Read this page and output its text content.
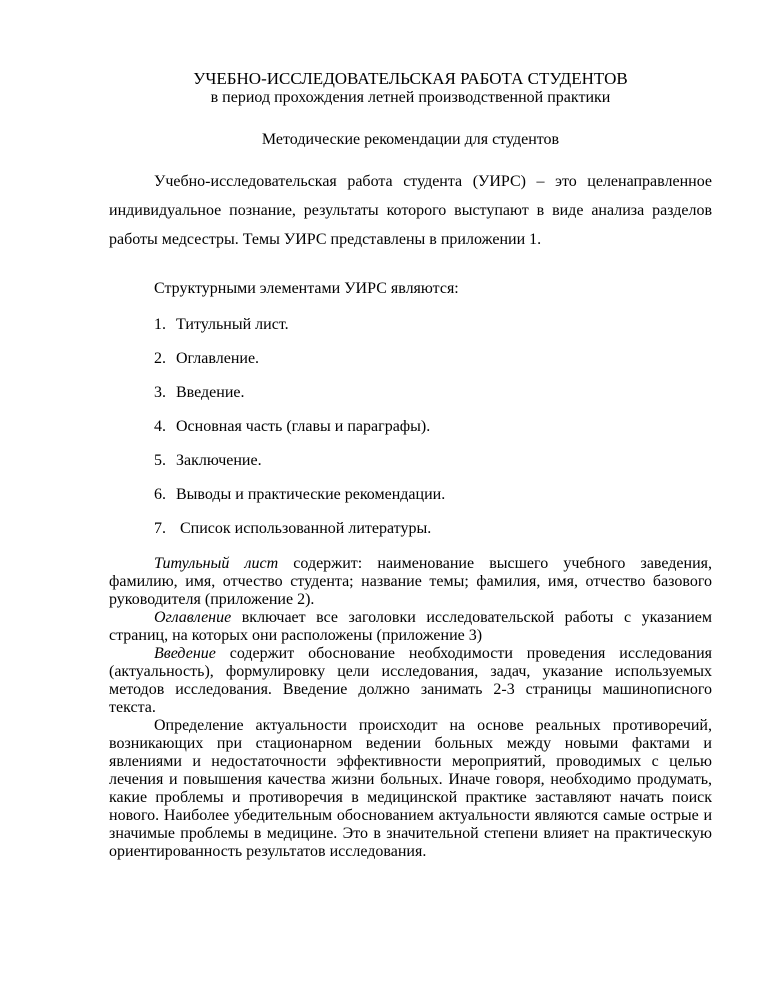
УЧЕБНО-ИССЛЕДОВАТЕЛЬСКАЯ РАБОТА СТУДЕНТОВ

в период прохождения летней производственной практики

Методические рекомендации для студентов

Учебно-исследовательская работа студента (УИРС) – это целенаправленное индивидуальное познание, результаты которого выступают в виде анализа разделов работы медсестры. Темы УИРС представлены в приложении 1.

Структурными элементами УИРС являются:

1. Титульный лист.
2. Оглавление.
3. Введение.
4. Основная часть (главы и параграфы).
5. Заключение.
6. Выводы и практические рекомендации.
7. Список использованной литературы.

Титульный лист содержит: наименование высшего учебного заведения, фамилию, имя, отчество студента; название темы; фамилия, имя, отчество базового руководителя (приложение 2).

Оглавление включает все заголовки исследовательской работы с указанием страниц, на которых они расположены (приложение 3)

Введение содержит обоснование необходимости проведения исследования (актуальность), формулировку цели исследования, задач, указание используемых методов исследования. Введение должно занимать 2-3 страницы машинописного текста.

Определение актуальности происходит на основе реальных противоречий, возникающих при стационарном ведении больных между новыми фактами и явлениями и недостаточности эффективности мероприятий, проводимых с целью лечения и повышения качества жизни больных. Иначе говоря, необходимо продумать, какие проблемы и противоречия в медицинской практике заставляют начать поиск нового. Наиболее убедительным обоснованием актуальности являются самые острые и значимые проблемы в медицине. Это в значительной степени влияет на практическую ориентированность результатов исследования.
